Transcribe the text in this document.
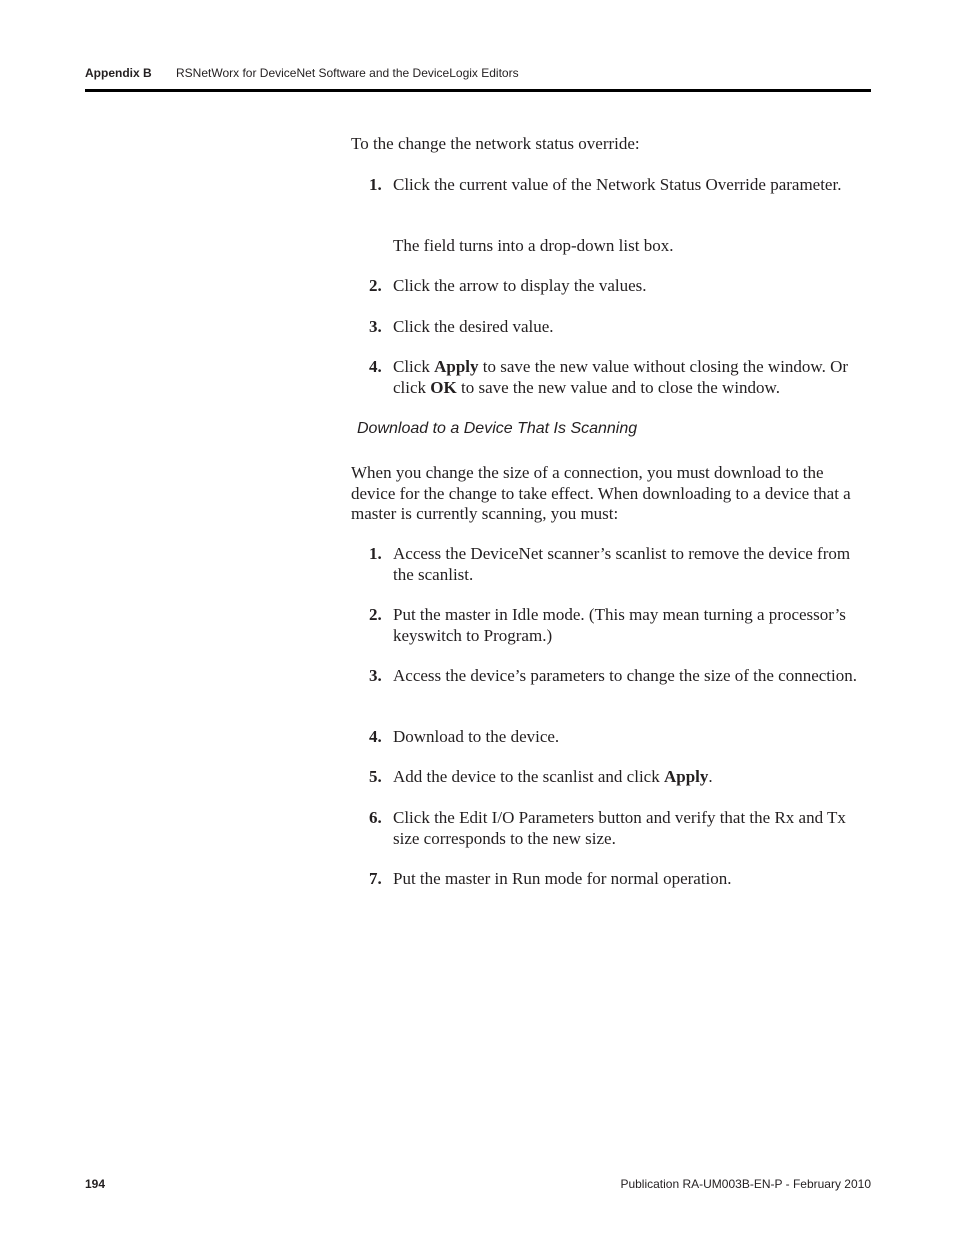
Appendix B RSNetWorx for DeviceNet Software and the DeviceLogix Editors
To the change the network status override:
1. Click the current value of the Network Status Override parameter.
The field turns into a drop-down list box.
2. Click the arrow to display the values.
3. Click the desired value.
4. Click Apply to save the new value without closing the window. Or click OK to save the new value and to close the window.
Download to a Device That Is Scanning
When you change the size of a connection, you must download to the device for the change to take effect. When downloading to a device that a master is currently scanning, you must:
1. Access the DeviceNet scanner’s scanlist to remove the device from the scanlist.
2. Put the master in Idle mode. (This may mean turning a processor’s keyswitch to Program.)
3. Access the device’s parameters to change the size of the connection.
4. Download to the device.
5. Add the device to the scanlist and click Apply.
6. Click the Edit I/O Parameters button and verify that the Rx and Tx size corresponds to the new size.
7. Put the master in Run mode for normal operation.
194	Publication RA-UM003B-EN-P - February 2010
